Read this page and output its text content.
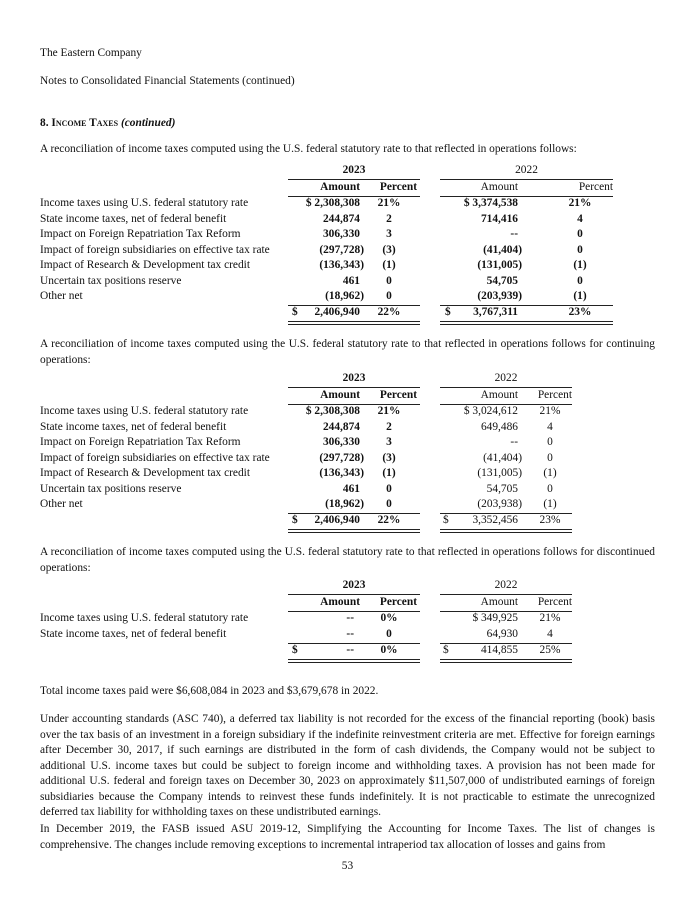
The Eastern Company
Notes to Consolidated Financial Statements (continued)
8. Income Taxes (continued)
A reconciliation of income taxes computed using the U.S. federal statutory rate to that reflected in operations follows:
2023	2022
Amount	Percent	Amount	Percent
Income taxes using U.S. federal statutory rate	$ 2,308,308	21%	$ 3,374,538	21%
State income taxes, net of federal benefit	244,874	2	714,416	4
Impact on Foreign Repatriation Tax Reform	306,330	3	--	0
Impact of foreign subsidiaries on effective tax rate	(297,728)	(3)	(41,404)	0
Impact of Research & Development tax credit	(136,343)	(1)	(131,005)	(1)
Uncertain tax positions reserve	461	0	54,705	0
Other net	(18,962)	0	(203,939)	(1)
$	2,406,940	22%	$	3,767,311	23%
A reconciliation of income taxes computed using the U.S. federal statutory rate to that reflected in operations follows for continuing operations:
2023	2022
Amount	Percent	Amount	Percent
Income taxes using U.S. federal statutory rate	$ 2,308,308	21%	$ 3,024,612	21%
State income taxes, net of federal benefit	244,874	2	649,486	4
Impact on Foreign Repatriation Tax Reform	306,330	3	--	0
Impact of foreign subsidiaries on effective tax rate	(297,728)	(3)	(41,404)	0
Impact of Research & Development tax credit	(136,343)	(1)	(131,005)	(1)
Uncertain tax positions reserve	461	0	54,705	0
Other net	(18,962)	0	(203,938)	(1)
$	2,406,940	22%	$	3,352,456	23%
A reconciliation of income taxes computed using the U.S. federal statutory rate to that reflected in operations follows for discontinued operations:
2023	2022
Amount	Percent	Amount	Percent
Income taxes using U.S. federal statutory rate	--	0%	$ 349,925	21%
State income taxes, net of federal benefit	--	0	64,930	4
$	--	0%	$	414,855	25%
Total income taxes paid were $6,608,084 in 2023 and $3,679,678 in 2022.
Under accounting standards (ASC 740), a deferred tax liability is not recorded for the excess of the financial reporting (book) basis over the tax basis of an investment in a foreign subsidiary if the indefinite reinvestment criteria are met. Effective for foreign earnings after December 30, 2017, if such earnings are distributed in the form of cash dividends, the Company would not be subject to additional U.S. income taxes but could be subject to foreign income and withholding taxes. A provision has not been made for additional U.S. federal and foreign taxes on December 30, 2023 on approximately $11,507,000 of undistributed earnings of foreign subsidiaries because the Company intends to reinvest these funds indefinitely. It is not practicable to estimate the unrecognized deferred tax liability for withholding taxes on these undistributed earnings.
In December 2019, the FASB issued ASU 2019-12, Simplifying the Accounting for Income Taxes. The list of changes is comprehensive. The changes include removing exceptions to incremental intraperiod tax allocation of losses and gains from
53
